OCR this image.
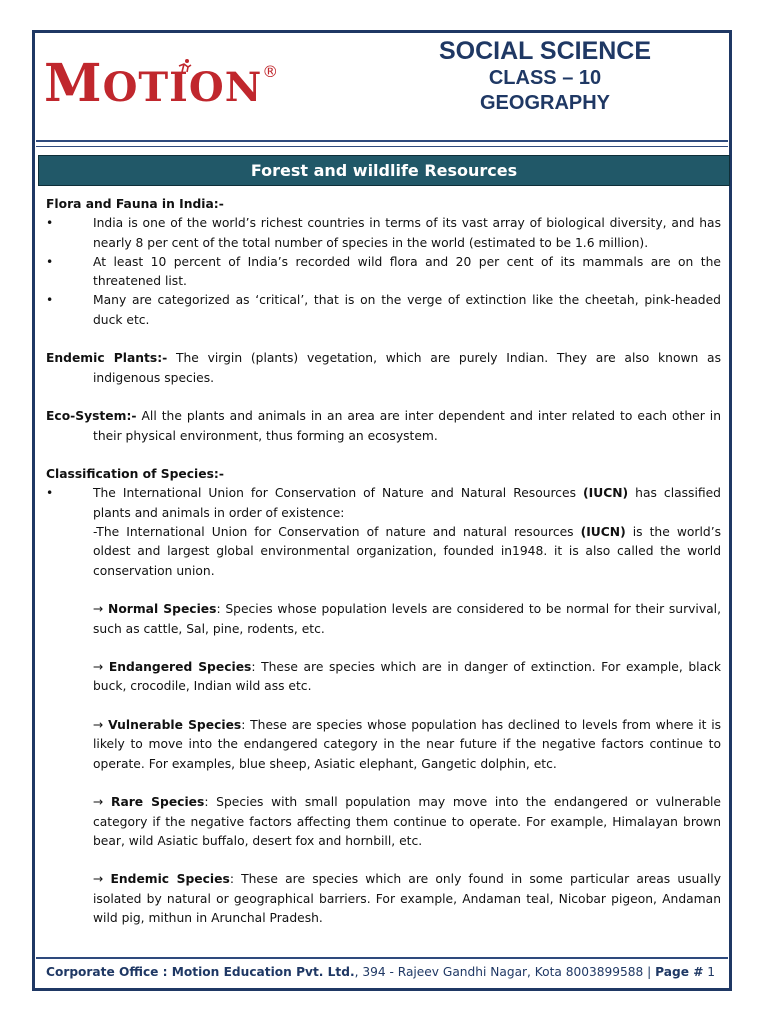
MOTION®
SOCIAL SCIENCE
CLASS – 10
GEOGRAPHY
Forest and wildlife Resources

Flora and Fauna in India:-

•	India is one of the world’s richest countries in terms of its vast array of biological diversity, and has nearly 8 per cent of the total number of species in the world (estimated to be 1.6 million).
•	At least 10 percent of India’s recorded wild flora and 20 per cent of its mammals are on the threatened list.
•	Many are categorized as ‘critical’, that is on the verge of extinction like the cheetah, pink-headed duck etc.

Endemic Plants:- The virgin (plants) vegetation, which are purely Indian. They are also known as indigenous species.

Eco-System:- All the plants and animals in an area are inter dependent and inter related to each other in their physical environment, thus forming an ecosystem.

Classification of Species:-

•	The International Union for Conservation of Nature and Natural Resources (IUCN) has classified plants and animals in order of existence:
-The International Union for Conservation of nature and natural resources (IUCN) is the world’s oldest and largest global environmental organization, founded in1948. it is also called the world conservation union.

→ Normal Species: Species whose population levels are considered to be normal for their survival, such as cattle, Sal, pine, rodents, etc.

→ Endangered Species: These are species which are in danger of extinction. For example, black buck, crocodile, Indian wild ass etc.

→ Vulnerable Species: These are species whose population has declined to levels from where it is likely to move into the endangered category in the near future if the negative factors continue to operate. For examples, blue sheep, Asiatic elephant, Gangetic dolphin, etc.

→ Rare Species: Species with small population may move into the endangered or vulnerable category if the negative factors affecting them continue to operate. For example, Himalayan brown bear, wild Asiatic buffalo, desert fox and hornbill, etc.

→ Endemic Species: These are species which are only found in some particular areas usually isolated by natural or geographical barriers. For example, Andaman teal, Nicobar pigeon, Andaman wild pig, mithun in Arunchal Pradesh.

Corporate Office : Motion Education Pvt. Ltd., 394 - Rajeev Gandhi Nagar, Kota 8003899588 | Page # 1
